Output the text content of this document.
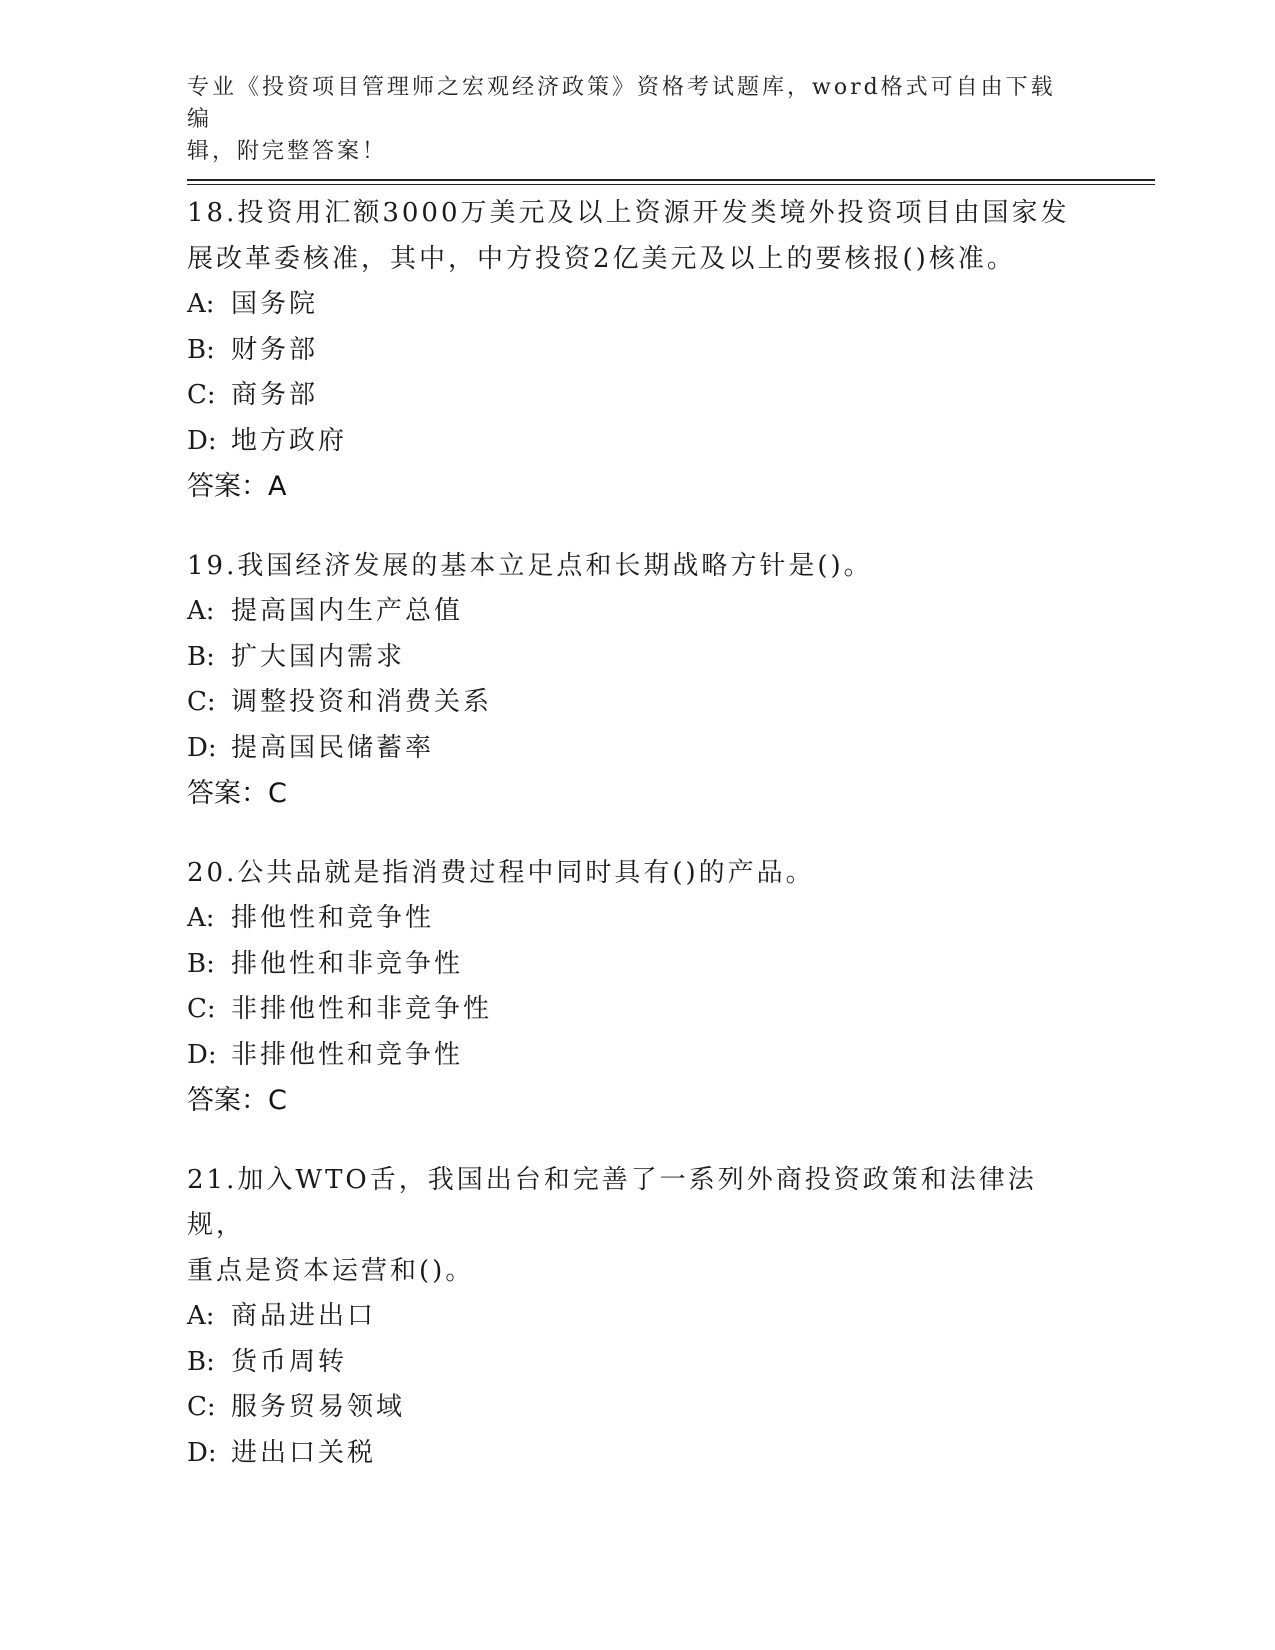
专业《投资项目管理师之宏观经济政策》资格考试题库，word格式可自由下载编
辑，附完整答案！

18.投资用汇额3000万美元及以上资源开发类境外投资项目由国家发
展改革委核准，其中，中方投资2亿美元及以上的要核报()核准。

A: 国务院

B: 财务部

C: 商务部

D: 地方政府

答案：A

19.我国经济发展的基本立足点和长期战略方针是()。

A: 提高国内生产总值

B: 扩大国内需求

C: 调整投资和消费关系

D: 提高国民储蓄率

答案：C

20.公共品就是指消费过程中同时具有()的产品。

A: 排他性和竞争性

B: 排他性和非竞争性

C: 非排他性和非竞争性

D: 非排他性和竞争性

答案：C

21.加入WTO舌，我国出台和完善了一系列外商投资政策和法律法规，
重点是资本运营和()。

A: 商品进出口

B: 货币周转

C: 服务贸易领域

D: 进出口关税
